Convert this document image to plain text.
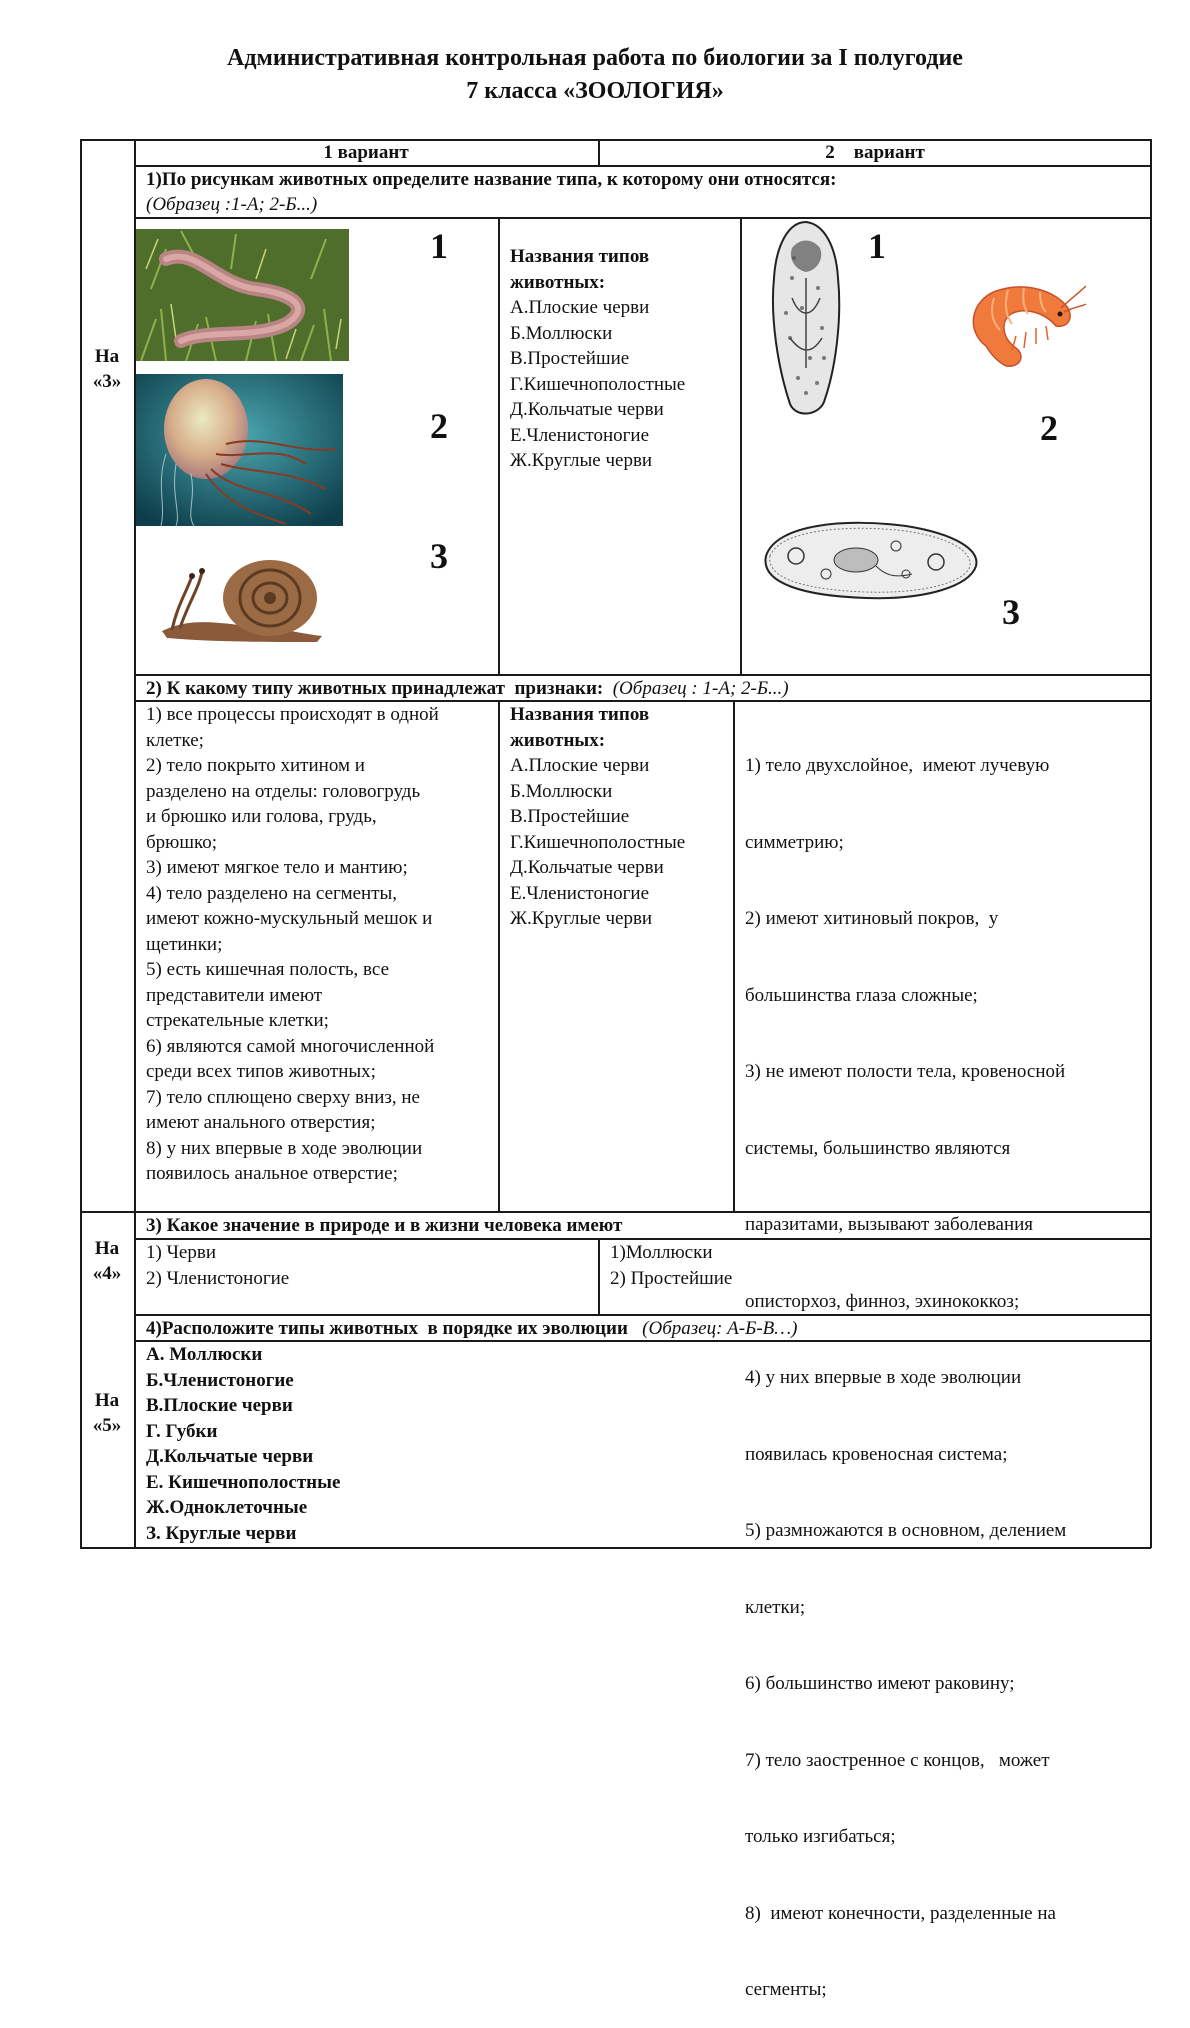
Административная контрольная работа по биологии за I полугодие
7 класса «ЗООЛОГИЯ»
На
«3»
На
«4»
На
«5»
1 вариант	2    вариант
1)По рисункам животных определите название типа, к которому они относятся:
(Образец :1-А; 2-Б...)
1
2
3
Названия типов
животных:
А.Плоские черви
Б.Моллюски
В.Простейшие
Г.Кишечнополостные
Д.Кольчатые черви
Е.Членистоногие
Ж.Круглые черви
1
2
3
2) К какому типу животных принадлежат  признаки: (Образец : 1-А; 2-Б...)
1) все процессы происходят в одной
клетке;
2) тело покрыто хитином и
разделено на отделы: головогрудь
и брюшко или голова, грудь,
брюшко;
3) имеют мягкое тело и мантию;
4) тело разделено на сегменты,
имеют кожно-мускульный мешок и
щетинки;
5) есть кишечная полость, все
представители имеют
стрекательные клетки;
6) являются самой многочисленной
среди всех типов животных;
7) тело сплющено сверху вниз, не
имеют анального отверстия;
8) у них впервые в ходе эволюции
появилось анальное отверстие;
Названия типов
животных:
А.Плоские черви
Б.Моллюски
В.Простейшие
Г.Кишечнополостные
Д.Кольчатые черви
Е.Членистоногие
Ж.Круглые черви

1) тело двухслойное,  имеют лучевую

симметрию;

2) имеют хитиновый покров,  у

большинства глаза сложные;

3) не имеют полости тела, кровеносной

системы, большинство являются

паразитами, вызывают заболевания

описторхоз, финноз, эхинококкоз;

4) у них впервые в ходе эволюции

появилась кровеносная система;

5) размножаются в основном, делением

клетки;

6) большинство имеют раковину;

7) тело заостренное с концов,   может

только изгибаться;

8)  имеют конечности, разделенные на

сегменты;

3) Какое значение в природе и в жизни человека имеют
1) Черви
2) Членистоногие
1)Моллюски
2) Простейшие
4)Расположите типы животных  в порядке их эволюции (Образец: А-Б-В…)
А. Моллюски
Б.Членистоногие
В.Плоские черви
Г. Губки
Д.Кольчатые черви
Е. Кишечнополостные
Ж.Одноклеточные
З. Круглые черви
